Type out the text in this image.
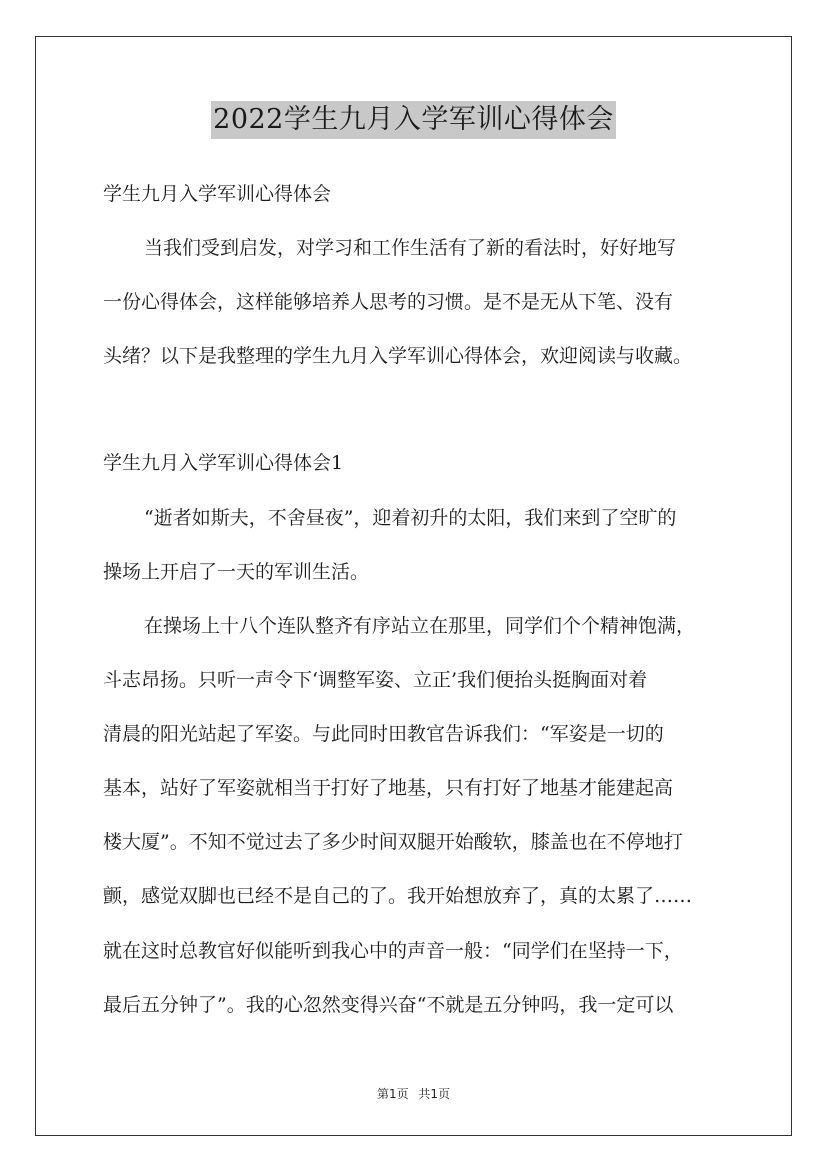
2022学生九月入学军训心得体会
学生九月入学军训心得体会
当我们受到启发，对学习和工作生活有了新的看法时，好好地写
一份心得体会，这样能够培养人思考的习惯。是不是无从下笔、没有
头绪？以下是我整理的学生九月入学军训心得体会，欢迎阅读与收藏。
学生九月入学军训心得体会1
“逝者如斯夫，不舍昼夜”，迎着初升的太阳，我们来到了空旷的
操场上开启了一天的军训生活。
在操场上十八个连队整齐有序站立在那里，同学们个个精神饱满，
斗志昂扬。只听一声令下‘调整军姿、立正’我们便抬头挺胸面对着
清晨的阳光站起了军姿。与此同时田教官告诉我们：“军姿是一切的
基本，站好了军姿就相当于打好了地基，只有打好了地基才能建起高
楼大厦”。不知不觉过去了多少时间双腿开始酸软，膝盖也在不停地打
颤，感觉双脚也已经不是自己的了。我开始想放弃了，真的太累了……
就在这时总教官好似能听到我心中的声音一般：“同学们在坚持一下，
最后五分钟了”。我的心忽然变得兴奋“不就是五分钟吗，我一定可以
第1页 共1页
